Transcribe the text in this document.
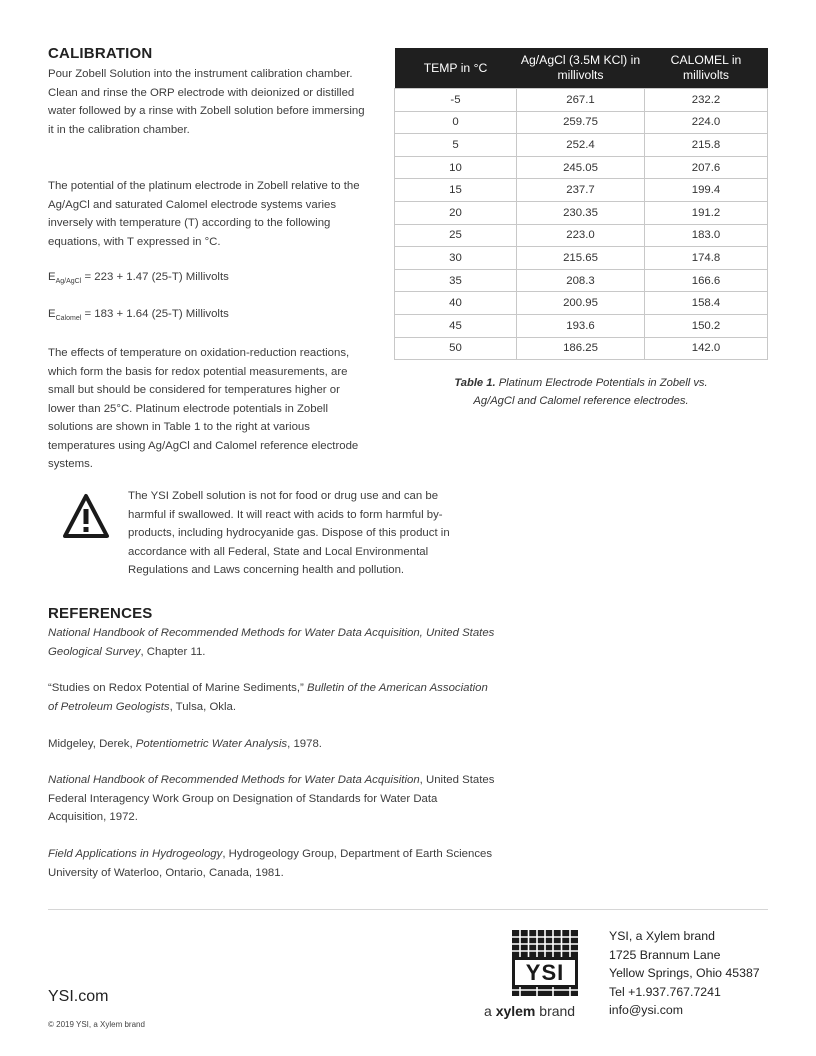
CALIBRATION
Pour Zobell Solution into the instrument calibration chamber. Clean and rinse the ORP electrode with deionized or distilled water followed by a rinse with Zobell solution before immersing it in the calibration chamber.
The potential of the platinum electrode in Zobell relative to the Ag/AgCl and saturated Calomel electrode systems varies inversely with temperature (T) according to the following equations, with T expressed in °C.
$E_{Ag/AgCl} = 223 + 1.47$ (25-T) Millivolts
$E_{Calomel} = 183 + 1.64$ (25-T) Millivolts
The effects of temperature on oxidation-reduction reactions, which form the basis for redox potential measurements, are small but should be considered for temperatures higher or lower than 25°C. Platinum electrode potentials in Zobell solutions are shown in Table 1 to the right at various temperatures using Ag/AgCl and Calomel reference electrode systems.
TEMP in °C	Ag/AgCl (3.5M KCl) in millivolts	CALOMEL in millivolts
-5	267.1	232.2
0	259.75	224.0
5	252.4	215.8
10	245.05	207.6
15	237.7	199.4
20	230.35	191.2
25	223.0	183.0
30	215.65	174.8
35	208.3	166.6
40	200.95	158.4
45	193.6	150.2
50	186.25	142.0
Table 1. Platinum Electrode Potentials in Zobell vs. Ag/AgCl and Calomel reference electrodes.
The YSI Zobell solution is not for food or drug use and can be harmful if swallowed. It will react with acids to form harmful by-products, including hydrocyanide gas. Dispose of this product in accordance with all Federal, State and Local Environmental Regulations and Laws concerning health and pollution.
REFERENCES
National Handbook of Recommended Methods for Water Data Acquisition, United States Geological Survey, Chapter 11.
“Studies on Redox Potential of Marine Sediments,” Bulletin of the American Association of Petroleum Geologists, Tulsa, Okla.
Midgeley, Derek, Potentiometric Water Analysis, 1978.
National Handbook of Recommended Methods for Water Data Acquisition, United States Federal Interagency Work Group on Designation of Standards for Water Data Acquisition, 1972.
Field Applications in Hydrogeology, Hydrogeology Group, Department of Earth Sciences University of Waterloo, Ontario, Canada, 1981.
YSI.com
© 2019 YSI, a Xylem brand
YSI
a xylem brand
YSI, a Xylem brand
1725 Brannum Lane
Yellow Springs, Ohio 45387
Tel +1.937.767.7241
info@ysi.com
